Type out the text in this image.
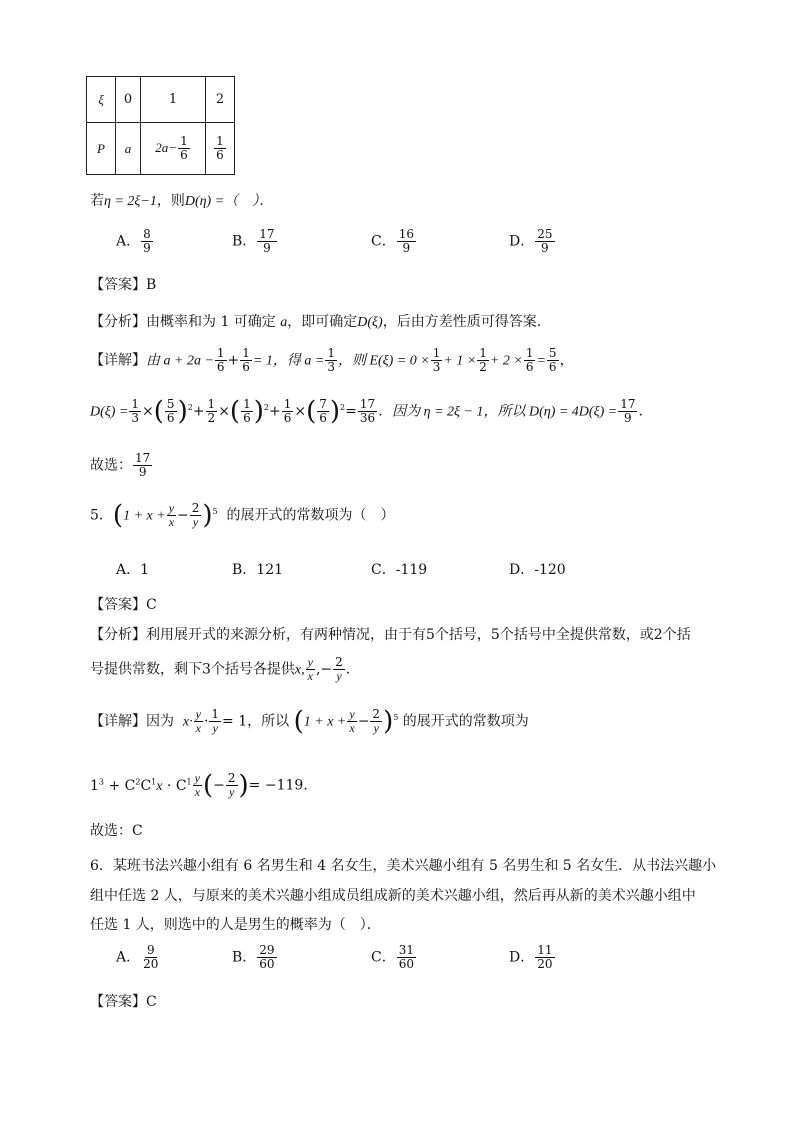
ξ	0	1	2
P	a	$2a- \frac{1}{6}$	$\frac{1}{6}$
若η = 2ξ−1，则D(η) =（　）．
A． $\frac{8}{9}$	B． $\frac{17}{9}$	C． $\frac{16}{9}$	D． $\frac{25}{9}$
【答案】B
【分析】由概率和为 1 可确定 a，即可确定D(ξ)，后由方差性质可得答案.
【详解】由 $a + 2a - \frac{1}{6} + \frac{1}{6} = 1$，得 $a = \frac{1}{3}$ ，则 $E(\xi) = 0 \times \frac{1}{3} + 1 \times \frac{1}{2} + 2 \times \frac{1}{6} = \frac{5}{6}$ ，
$D(\xi) = \frac{1}{3}$ ×( $\frac{5}{6} )^2+ \frac{1}{2}$ ×( $\frac{1}{6} )^2+ \frac{1}{6}$ ×( $\frac{7}{6} )^2= \frac{17}{36}$ ．因为 η = 2ξ − 1，所以 $D(\eta) = 4D(\xi) = \frac{17}{9}$ ．
故选： $\frac{17}{9}$
5．$(1 + x + \frac{y}{x} - \frac{2}{y} )^5$ 的展开式的常数项为（　）
A．1	B．121	C．-119	D．-120
【答案】C
【分析】利用展开式的来源分析，有两种情况，由于有5个括号，5个括号中全提供常数，或2个括
号提供常数，剩下3个括号各提供x, $\frac{y}{x}$ ,− $\frac{2}{y}$ .
【详解】因为 $x\cdot \frac{y}{x} \cdot \frac{1}{y} = 1$，所以 $(1 + x + \frac{y}{x} - \frac{2}{y} )^5$ 的展开式的常数项为
$1^3 + C^2C^1x \cdot C^1 \frac{y}{x}$ (− $\frac{2}{y}$ )= −119.
故选：C
6．某班书法兴趣小组有 6 名男生和 4 名女生，美术兴趣小组有 5 名男生和 5 名女生．从书法兴趣小
组中任选 2 人，与原来的美术兴趣小组成员组成新的美术兴趣小组，然后再从新的美术兴趣小组中
任选 1 人，则选中的人是男生的概率为（　）．
A． $\frac{9}{20}$	B． $\frac{29}{60}$	C． $\frac{31}{60}$	D． $\frac{11}{20}$
【答案】C
